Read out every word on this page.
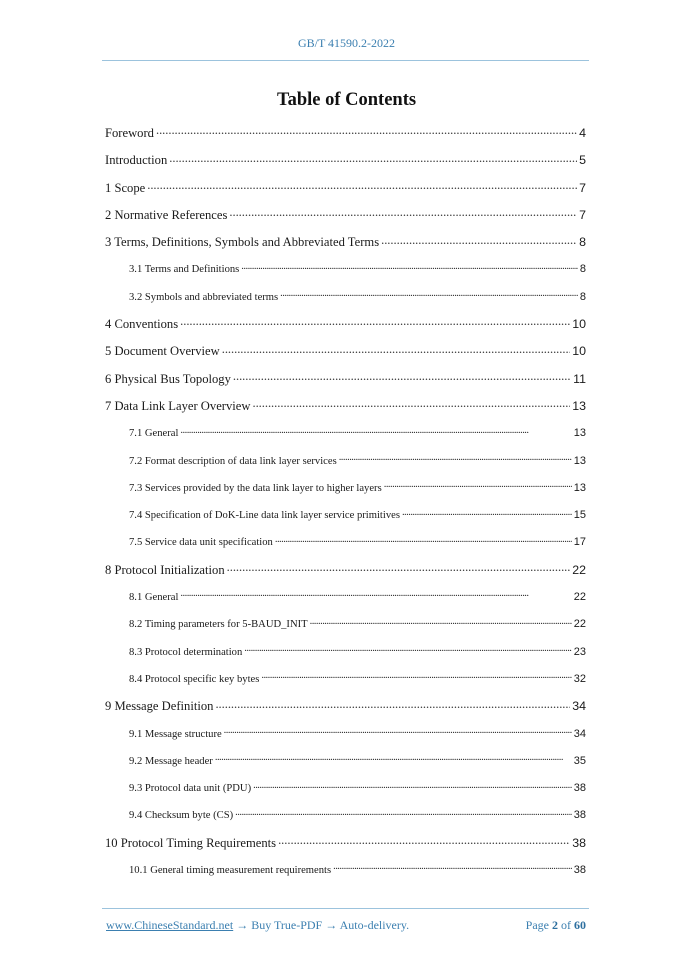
GB/T 41590.2-2022
Table of Contents
Foreword . . .	4
Introduction . . .	5
1 Scope . . .	7
2 Normative References . . .	7
3 Terms, Definitions, Symbols and Abbreviated Terms . . .	8
3.1 Terms and Definitions . . .	8
3.2 Symbols and abbreviated terms . . .	8
4 Conventions . . .	10
5 Document Overview . . .	10
6 Physical Bus Topology . . .	11
7 Data Link Layer Overview . . .	13
7.1 General . . .	13
7.2 Format description of data link layer services . . .	13
7.3 Services provided by the data link layer to higher layers . . .	13
7.4 Specification of DoK-Line data link layer service primitives . . .	15
7.5 Service data unit specification . . .	17
8 Protocol Initialization . . .	22
8.1 General . . .	22
8.2 Timing parameters for 5-BAUD_INIT . . .	22
8.3 Protocol determination . . .	23
8.4 Protocol specific key bytes . . .	32
9 Message Definition . . .	34
9.1 Message structure . . .	34
9.2 Message header . . .	35
9.3 Protocol data unit (PDU) . . .	38
9.4 Checksum byte (CS) . . .	38
10 Protocol Timing Requirements . . .	38
10.1 General timing measurement requirements . . .	38
www.ChineseStandard.net → Buy True-PDF → Auto-delivery.	Page 2 of 60
